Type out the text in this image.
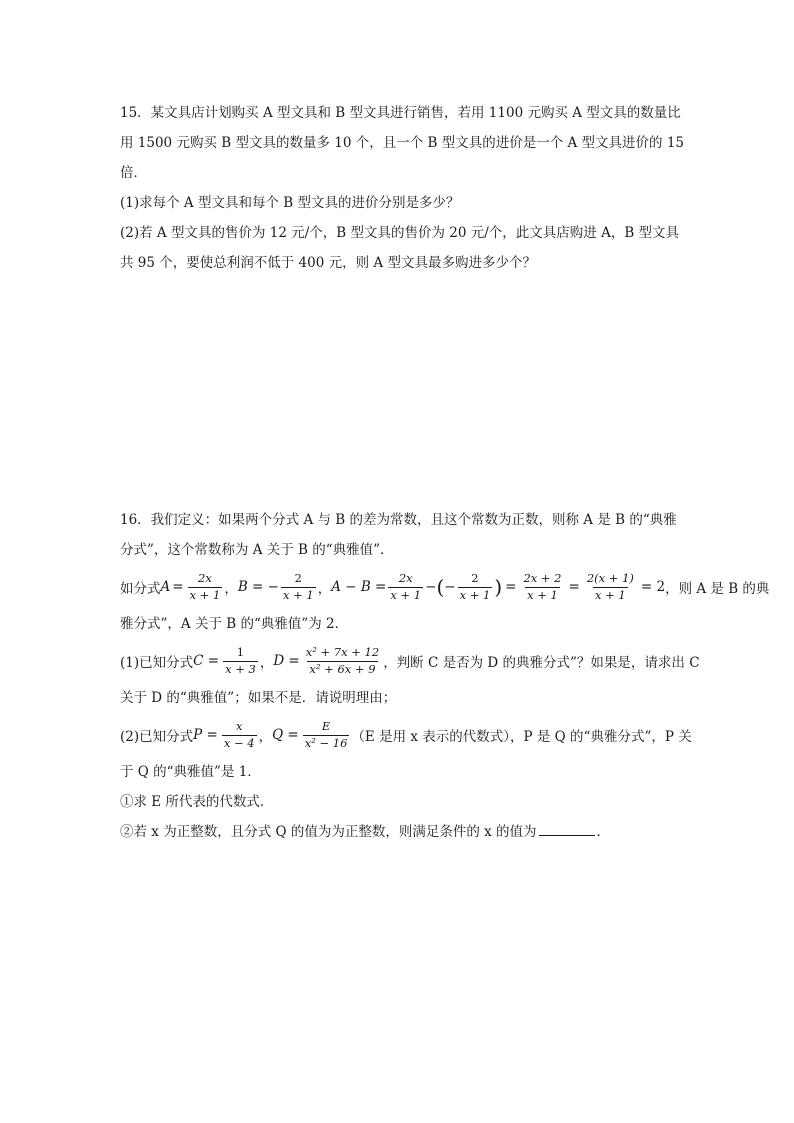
15．某文具店计划购买 A 型文具和 B 型文具进行销售，若用 1100 元购买 A 型文具的数量比
用 1500 元购买 B 型文具的数量多 10 个，且一个 B 型文具的进价是一个 A 型文具进价的 15
倍．
(1)求每个 A 型文具和每个 B 型文具的进价分别是多少？
(2)若 A 型文具的售价为 12 元/个，B 型文具的售价为 20 元/个，此文具店购进 A，B 型文具
共 95 个，要使总利润不低于 400 元，则 A 型文具最多购进多少个？
16．我们定义：如果两个分式 A 与 B 的差为常数，且这个常数为正数，则称 A 是 B 的“典雅
分式”，这个常数称为 A 关于 B 的“典雅值”．
如分式 $A = \frac{2x}{x + 1}$ ， B = − $\frac{2}{x + 1}$ ， $A - B = \frac{2x}{x + 1}$ − ( − $\frac{2}{x + 1}$ ) = $\frac{2x + 2}{x + 1} = \frac{2(x + 1)}{x + 1} = 2$ ，则 A 是 B 的典
雅分式”，A 关于 B 的“典雅值”为 2．
(1)已知分式 $C = \frac{1}{x + 3}$ ， $D = \frac{\text{x² + 7x + 12}}{\text{x² + 6x + 9}}$ ，判断 C 是否为 D 的典雅分式”？如果是，请求出 C
关于 D 的“典雅值”；如果不是．请说明理由；
(2)已知分式 $P = \frac{x}{x - 4}$ ， $Q = \frac{E}{\text{x² − 16}} (E$ 是用 x 表示的代数式），P 是 Q 的“典雅分式”，P 关
于 Q 的“典雅值”是 1．
①求 E 所代表的代数式．
②若 x 为正整数，且分式 Q 的值为为正整数，则满足条件的 x 的值为	．
